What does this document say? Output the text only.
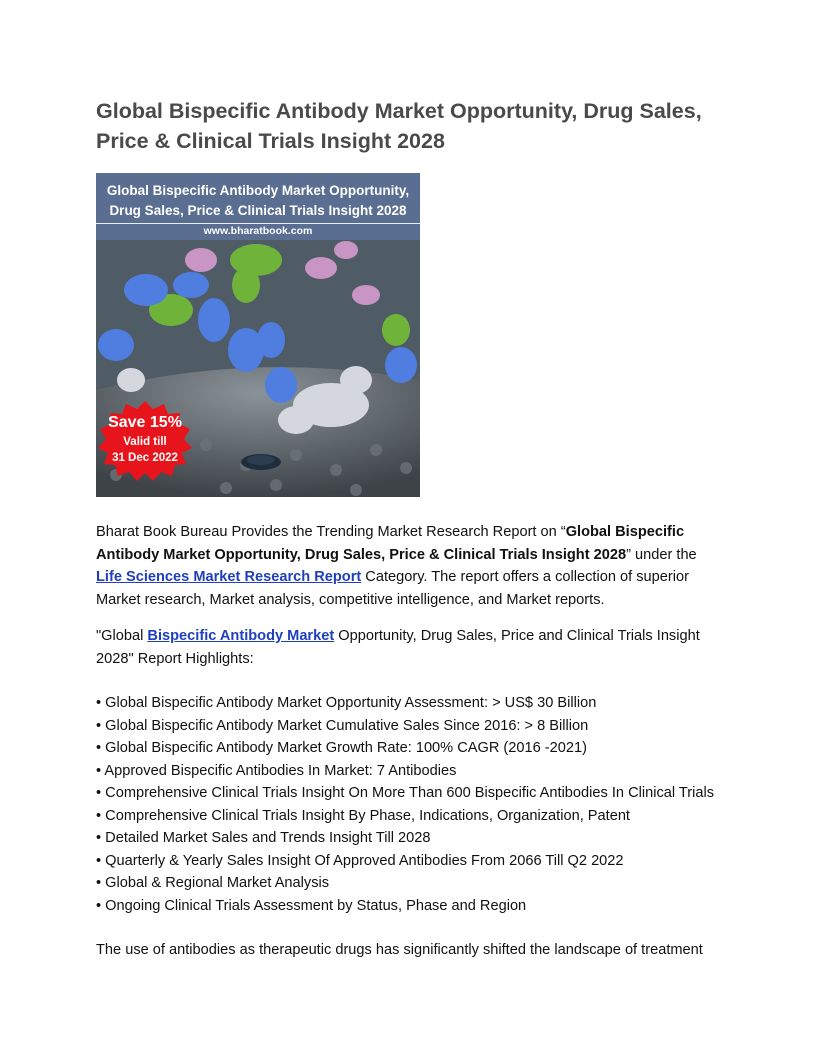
Global Bispecific Antibody Market Opportunity, Drug Sales, Price & Clinical Trials Insight 2028
Global Bispecific Antibody Market Opportunity,
Drug Sales, Price & Clinical Trials Insight 2028
www.bharatbook.com
Save 15%
Valid till
31 Dec 2022

Bharat Book Bureau Provides the Trending Market Research Report on “Global Bispecific Antibody Market Opportunity, Drug Sales, Price & Clinical Trials Insight 2028” under the Life Sciences Market Research Report Category. The report offers a collection of superior Market research, Market analysis, competitive intelligence, and Market reports.

"Global Bispecific Antibody Market Opportunity, Drug Sales, Price and Clinical Trials Insight 2028" Report Highlights:

• Global Bispecific Antibody Market Opportunity Assessment: > US$ 30 Billion
• Global Bispecific Antibody Market Cumulative Sales Since 2016: > 8 Billion
• Global Bispecific Antibody Market Growth Rate: 100% CAGR (2016 -2021)
• Approved Bispecific Antibodies In Market: 7 Antibodies
• Comprehensive Clinical Trials Insight On More Than 600 Bispecific Antibodies In Clinical Trials
• Comprehensive Clinical Trials Insight By Phase, Indications, Organization, Patent
• Detailed Market Sales and Trends Insight Till 2028
• Quarterly & Yearly Sales Insight Of Approved Antibodies From 2066 Till Q2 2022
• Global & Regional Market Analysis
• Ongoing Clinical Trials Assessment by Status, Phase and Region

The use of antibodies as therapeutic drugs has significantly shifted the landscape of treatment
